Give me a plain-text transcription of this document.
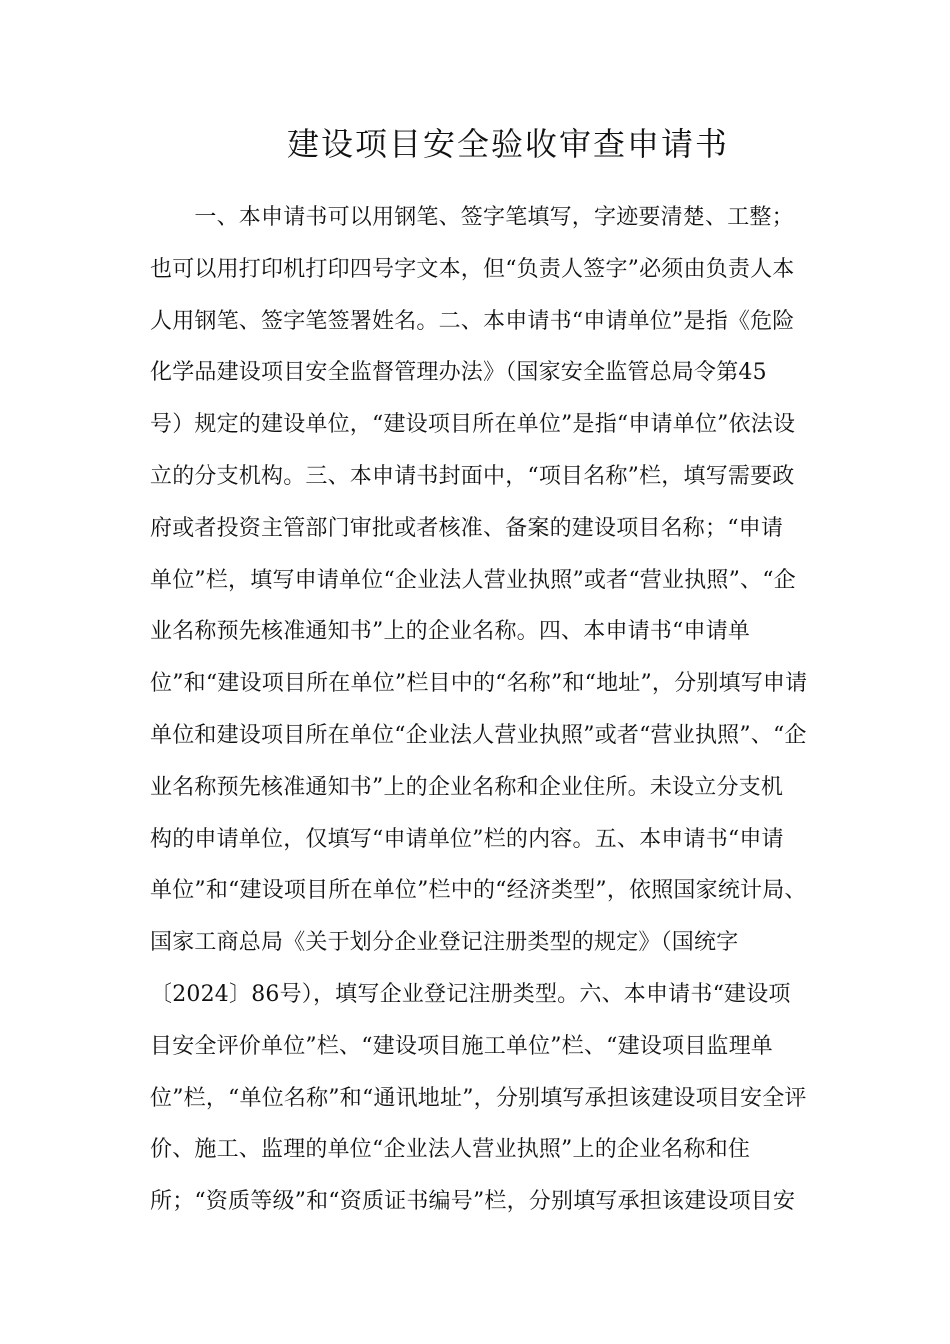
建设项目安全验收审查申请书
　　一、本申请书可以用钢笔、签字笔填写，字迹要清楚、工整；
也可以用打印机打印四号字文本，但“负责人签字”必须由负责人本
人用钢笔、签字笔签署姓名。二、本申请书“申请单位”是指《危险
化学品建设项目安全监督管理办法》（国家安全监管总局令第45
号）规定的建设单位，“建设项目所在单位”是指“申请单位”依法设
立的分支机构。三、本申请书封面中，“项目名称”栏，填写需要政
府或者投资主管部门审批或者核准、备案的建设项目名称；“申请
单位”栏，填写申请单位“企业法人营业执照”或者“营业执照”、“企
业名称预先核准通知书”上的企业名称。四、本申请书“申请单
位”和“建设项目所在单位”栏目中的“名称”和“地址”，分别填写申请
单位和建设项目所在单位“企业法人营业执照”或者“营业执照”、“企
业名称预先核准通知书”上的企业名称和企业住所。未设立分支机
构的申请单位，仅填写“申请单位”栏的内容。五、本申请书“申请
单位”和“建设项目所在单位”栏中的“经济类型”，依照国家统计局、
国家工商总局《关于划分企业登记注册类型的规定》（国统字
〔2024〕86号），填写企业登记注册类型。六、本申请书“建设项
目安全评价单位”栏、“建设项目施工单位”栏、“建设项目监理单
位”栏，“单位名称”和“通讯地址”，分别填写承担该建设项目安全评
价、施工、监理的单位“企业法人营业执照”上的企业名称和住
所；“资质等级”和“资质证书编号”栏，分别填写承担该建设项目安
